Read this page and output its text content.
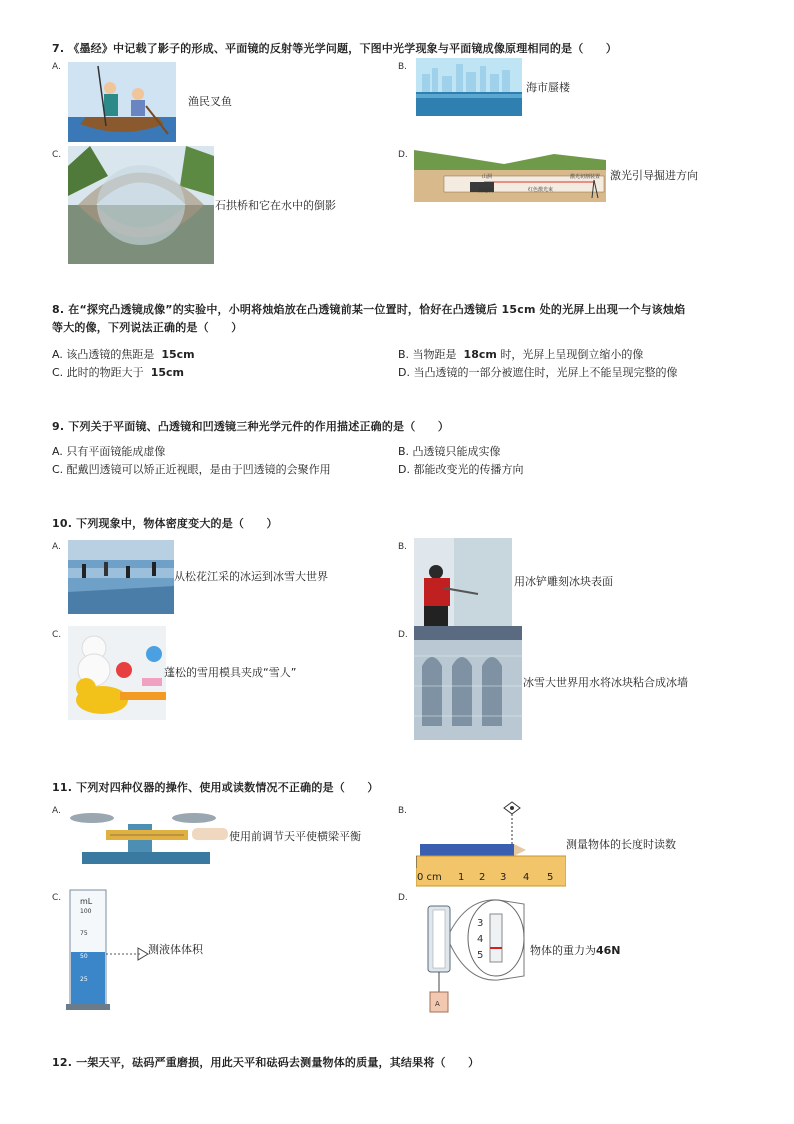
7. 《墨经》中记载了影子的形成、平面镜的反射等光学问题，下图中光学现象与平面镜成像原理相同的是（　　）
A.
渔民叉鱼
B.
海市蜃楼
C.
石拱桥和它在水中的倒影
D.
山洞	激光切割装置
掘进机	红色激光束
激光引导掘进方向
8. 在“探究凸透镜成像”的实验中，小明将烛焰放在凸透镜前某一位置时，恰好在凸透镜后 15cm 处的光屏上出现一个与该烛焰
等大的像，下列说法正确的是（　　）
A. 该凸透镜的焦距是 15cm	B. 当物距是 18cm 时，光屏上呈现倒立缩小的像
C. 此时的物距大于 15cm	D. 当凸透镜的一部分被遮住时，光屏上不能呈现完整的像
9. 下列关于平面镜、凸透镜和凹透镜三种光学元件的作用描述正确的是（　　）
A. 只有平面镜能成虚像	B. 凸透镜只能成实像
C. 配戴凹透镜可以矫正近视眼，是由于凹透镜的会聚作用	D. 都能改变光的传播方向
10. 下列现象中，物体密度变大的是（　　）
A.
从松花江采的冰运到冰雪大世界
B.
用冰铲雕刻冰块表面
C.
蓬松的雪用模具夹成“雪人”
D.
冰雪大世界用水将冰块粘合成冰墙
11. 下列对四种仪器的操作、使用或读数情况不正确的是（　　）
A.
使用前调节天平使横梁平衡
B.
测量物体的长度时读数
0 cm 1 2 3 4 5
C. mL
100
75
50
25
测液体体积
D.
3
4
5
A
物体的重力为46N
12. 一架天平，砝码严重磨损，用此天平和砝码去测量物体的质量，其结果将（　　）
